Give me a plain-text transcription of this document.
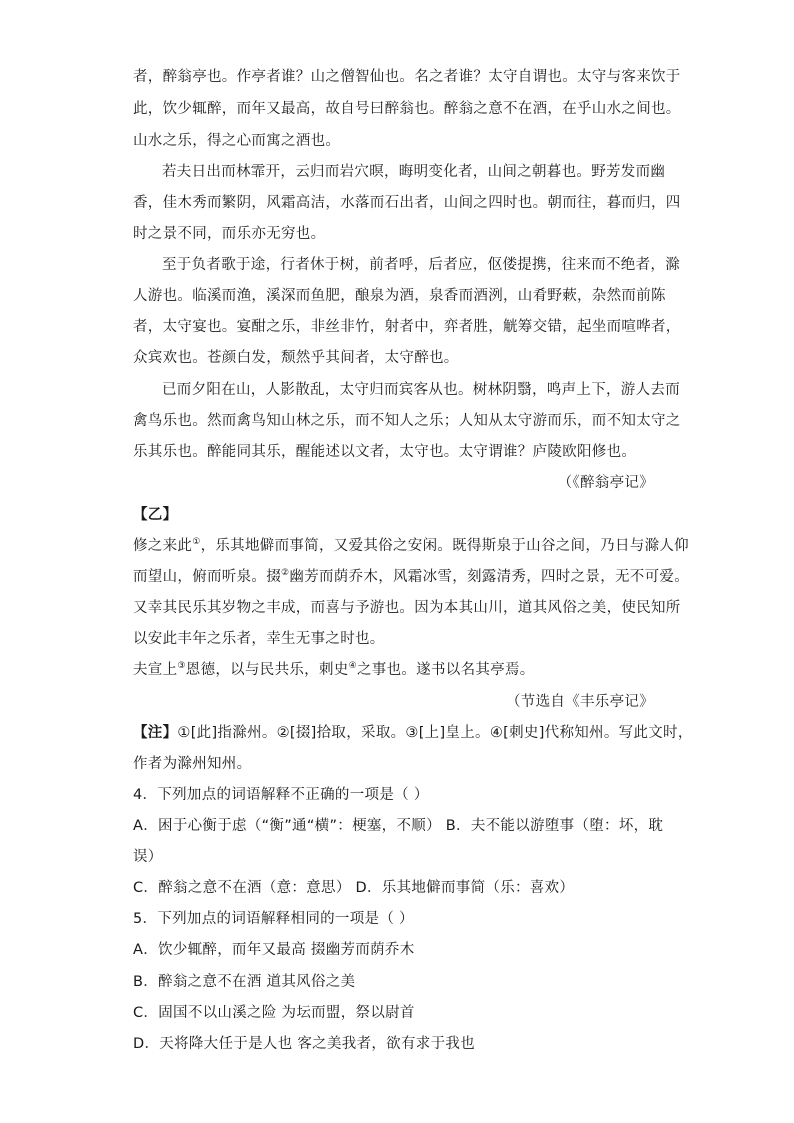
者，醉翁亭也。作亭者谁？山之僧智仙也。名之者谁？太守自谓也。太守与客来饮于
此，饮少辄醉，而年又最高，故自号曰醉翁也。醉翁之意不在酒，在乎山水之间也。
山水之乐，得之心而寓之酒也。
若夫日出而林霏开，云归而岩穴暝，晦明变化者，山间之朝暮也。野芳发而幽
香，佳木秀而繁阴，风霜高洁，水落而石出者，山间之四时也。朝而往，暮而归，四
时之景不同，而乐亦无穷也。
至于负者歌于途，行者休于树，前者呼，后者应，伛偻提携，往来而不绝者，滁
人游也。临溪而渔，溪深而鱼肥，酿泉为酒，泉香而酒洌，山肴野蔌，杂然而前陈
者，太守宴也。宴酣之乐，非丝非竹，射者中，弈者胜，觥筹交错，起坐而喧哗者，
众宾欢也。苍颜白发，颓然乎其间者，太守醉也。
已而夕阳在山，人影散乱，太守归而宾客从也。树林阴翳，鸣声上下，游人去而
禽鸟乐也。然而禽鸟知山林之乐，而不知人之乐；人知从太守游而乐，而不知太守之
乐其乐也。醉能同其乐，醒能述以文者，太守也。太守谓谁？庐陵欧阳修也。
（《醉翁亭记》
【乙】
修之来此①，乐其地僻而事简，又爱其俗之安闲。既得斯泉于山谷之间，乃日与滁人仰
而望山，俯而听泉。掇②幽芳而荫乔木，风霜冰雪，刻露清秀，四时之景，无不可爱。
又幸其民乐其岁物之丰成，而喜与予游也。因为本其山川，道其风俗之美，使民知所
以安此丰年之乐者，幸生无事之时也。
夫宣上③恩德，以与民共乐，刺史④之事也。遂书以名其亭焉。
（节选自《丰乐亭记》
【注】①[此]指滁州。②[掇]拾取，采取。③[上]皇上。④[刺史]代称知州。写此文时，
作者为滁州知州。
4．下列加点的词语解释不正确的一项是（ ）
A．困于心衡于虑（“衡”通“横”：梗塞，不顺） B．夫不能以游堕事（堕：坏，耽
误）
C．醉翁之意不在酒（意：意思） D．乐其地僻而事简（乐：喜欢）
5．下列加点的词语解释相同的一项是（ ）
A．饮少辄醉，而年又最高 掇幽芳而荫乔木
B．醉翁之意不在酒 道其风俗之美
C．固国不以山溪之险 为坛而盟，祭以尉首
D．天将降大任于是人也 客之美我者，欲有求于我也
